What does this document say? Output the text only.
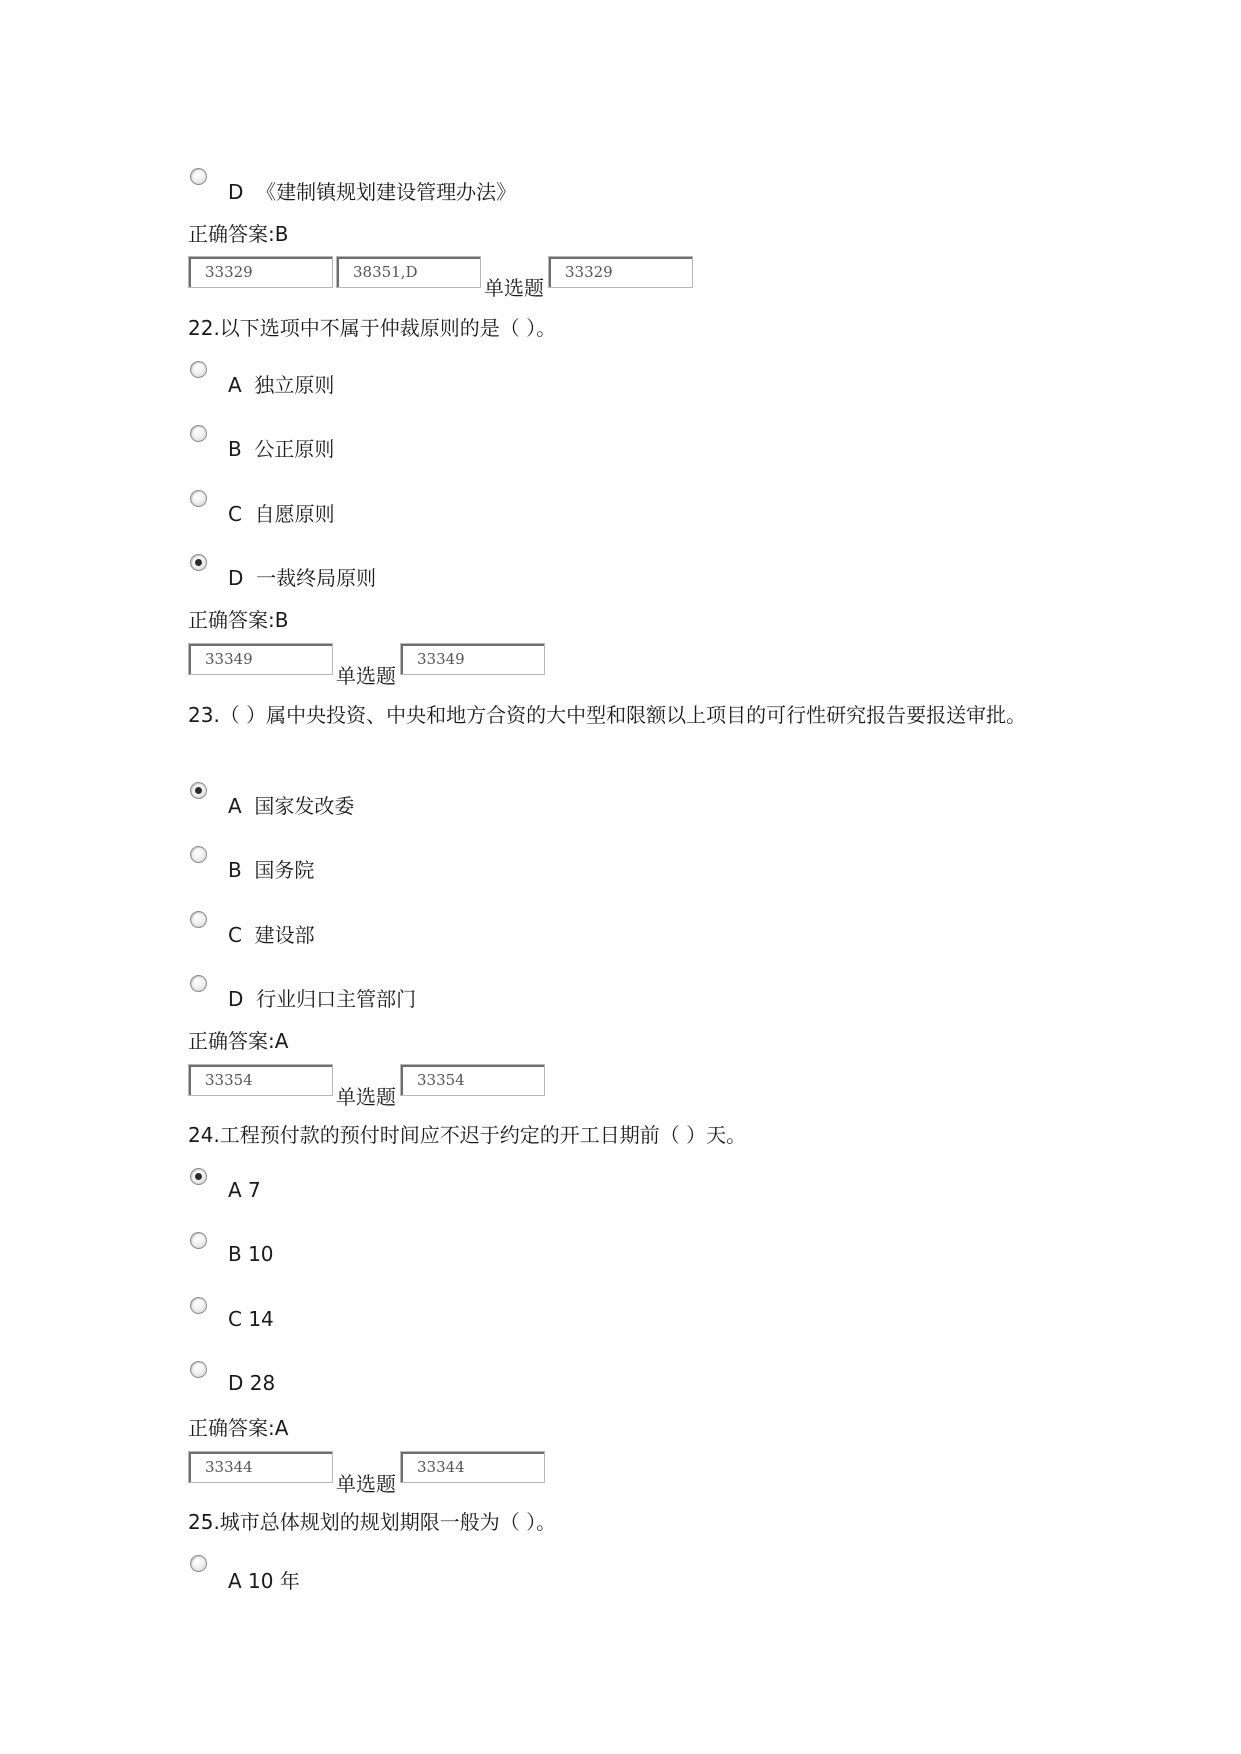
D  《建制镇规划建设管理办法》
正确答案:B
33329	38351,D
单选题
33329
22.以下选项中不属于仲裁原则的是（ ）。
A  独立原则
B  公正原则
C  自愿原则
D  一裁终局原则
正确答案:B
33349
单选题
33349
23.（ ）属中央投资、中央和地方合资的大中型和限额以上项目的可行性研究报告要报送审批。
A  国家发改委
B  国务院
C  建设部
D  行业归口主管部门
正确答案:A
33354
单选题
33354
24.工程预付款的预付时间应不迟于约定的开工日期前（ ）天。
A 7
B 10
C 14
D 28
正确答案:A
33344
单选题
33344
25.城市总体规划的规划期限一般为（ ）。
A 10 年
